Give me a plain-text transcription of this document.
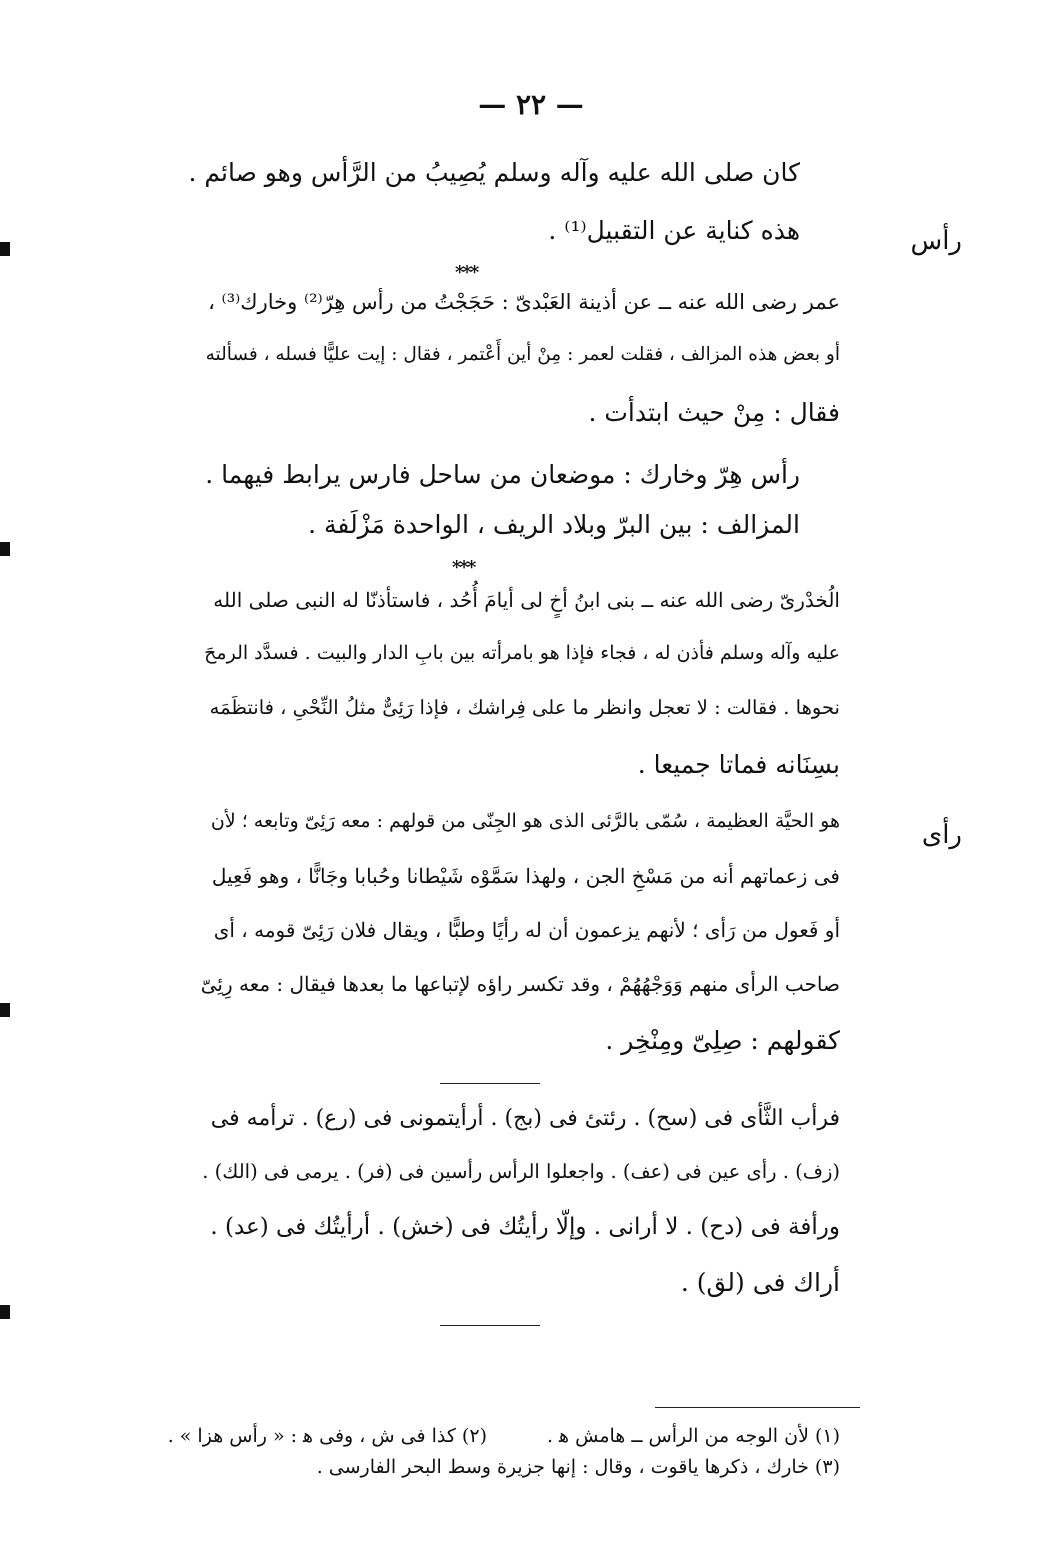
— ٢٢ —
كان صلى الله عليه وآله وسلم يُصِيبُ من الرَّأس وهو صائم .
رأس
هذه كناية عن التقبيل⁽¹⁾ .
***
عمر رضى الله عنه ــ عن أذينة العَبْدىّ : حَجَجْتُ من رأس هِرّ⁽²⁾ وخارك⁽³⁾ ،
أو بعض هذه المزالف ، فقلت لعمر : مِنْ أين أَعْتمر ، فقال : إيت عليًّا فسله ، فسألته
فقال : مِنْ حيث ابتدأت .
رأس هِرّ وخارك : موضعان من ساحل فارس يرابط فيهما .
المزالف : بين البرّ وبلاد الريف ، الواحدة مَزْلَفة .
***
الُخدْرىّ رضى الله عنه ــ بنى ابنُ أخٍ لى أيامَ أُحُد ، فاستأذنّا له النبى صلى الله
عليه وآله وسلم فأذن له ، فجاء فإذا هو بامرأته بين بابِ الدار والبيت . فسدَّد الرمحَ
نحوها . فقالت : لا تعجل وانظر ما على فِراشك ، فإذا رَئِىٌّ مثلُ النِّحْىِ ، فانتظَمَه
بسِنَانه فماتا جميعا .
رأى
هو الحيَّة العظيمة ، سُمّى بالرَّئى الذى هو الجِنّى من قولهم : معه رَئِىّ وتابعه ؛ لأن
فى زعماتهم أنه من مَسْخِ الجن ، ولهذا سَمَّوْه شَيْطانا وحُبابا وجَانًّا ، وهو فَعِيل
أو فَعول من رَأى ؛ لأنهم يزعمون أن له رأيًا وطبًّا ، ويقال فلان رَئِىّ قومه ، أى
صاحب الرأى منهم وَوَجْهُهُمْ ، وقد تكسر راؤه لإتباعها ما بعدها فيقال : معه رِئِىّ
كقولهم : صِلِىّ ومِنْخِر .
فرأب الثَّأى فى (سح) . رئتئ فى (بج) . أرأيتمونى فى (رع) . ترأمه فى
(زف) . رأى عين فى (عف) . واجعلوا الرأس رأسين فى (فر) . يرمى فى (الك) .
ورأفة فى (دح) . لا أرانى . وإلّا رأيتُك فى (خش) . أرأيتُك فى (عد) .
أراك فى (لق) .
(١) لأن الوجه من الرأس ــ هامش ﻫ .
(٢) كذا فى ش ، وفى ﻫ : « رأس هزا » .
(٣) خارك ، ذكرها ياقوت ، وقال : إنها جزيرة وسط البحر الفارسى .
